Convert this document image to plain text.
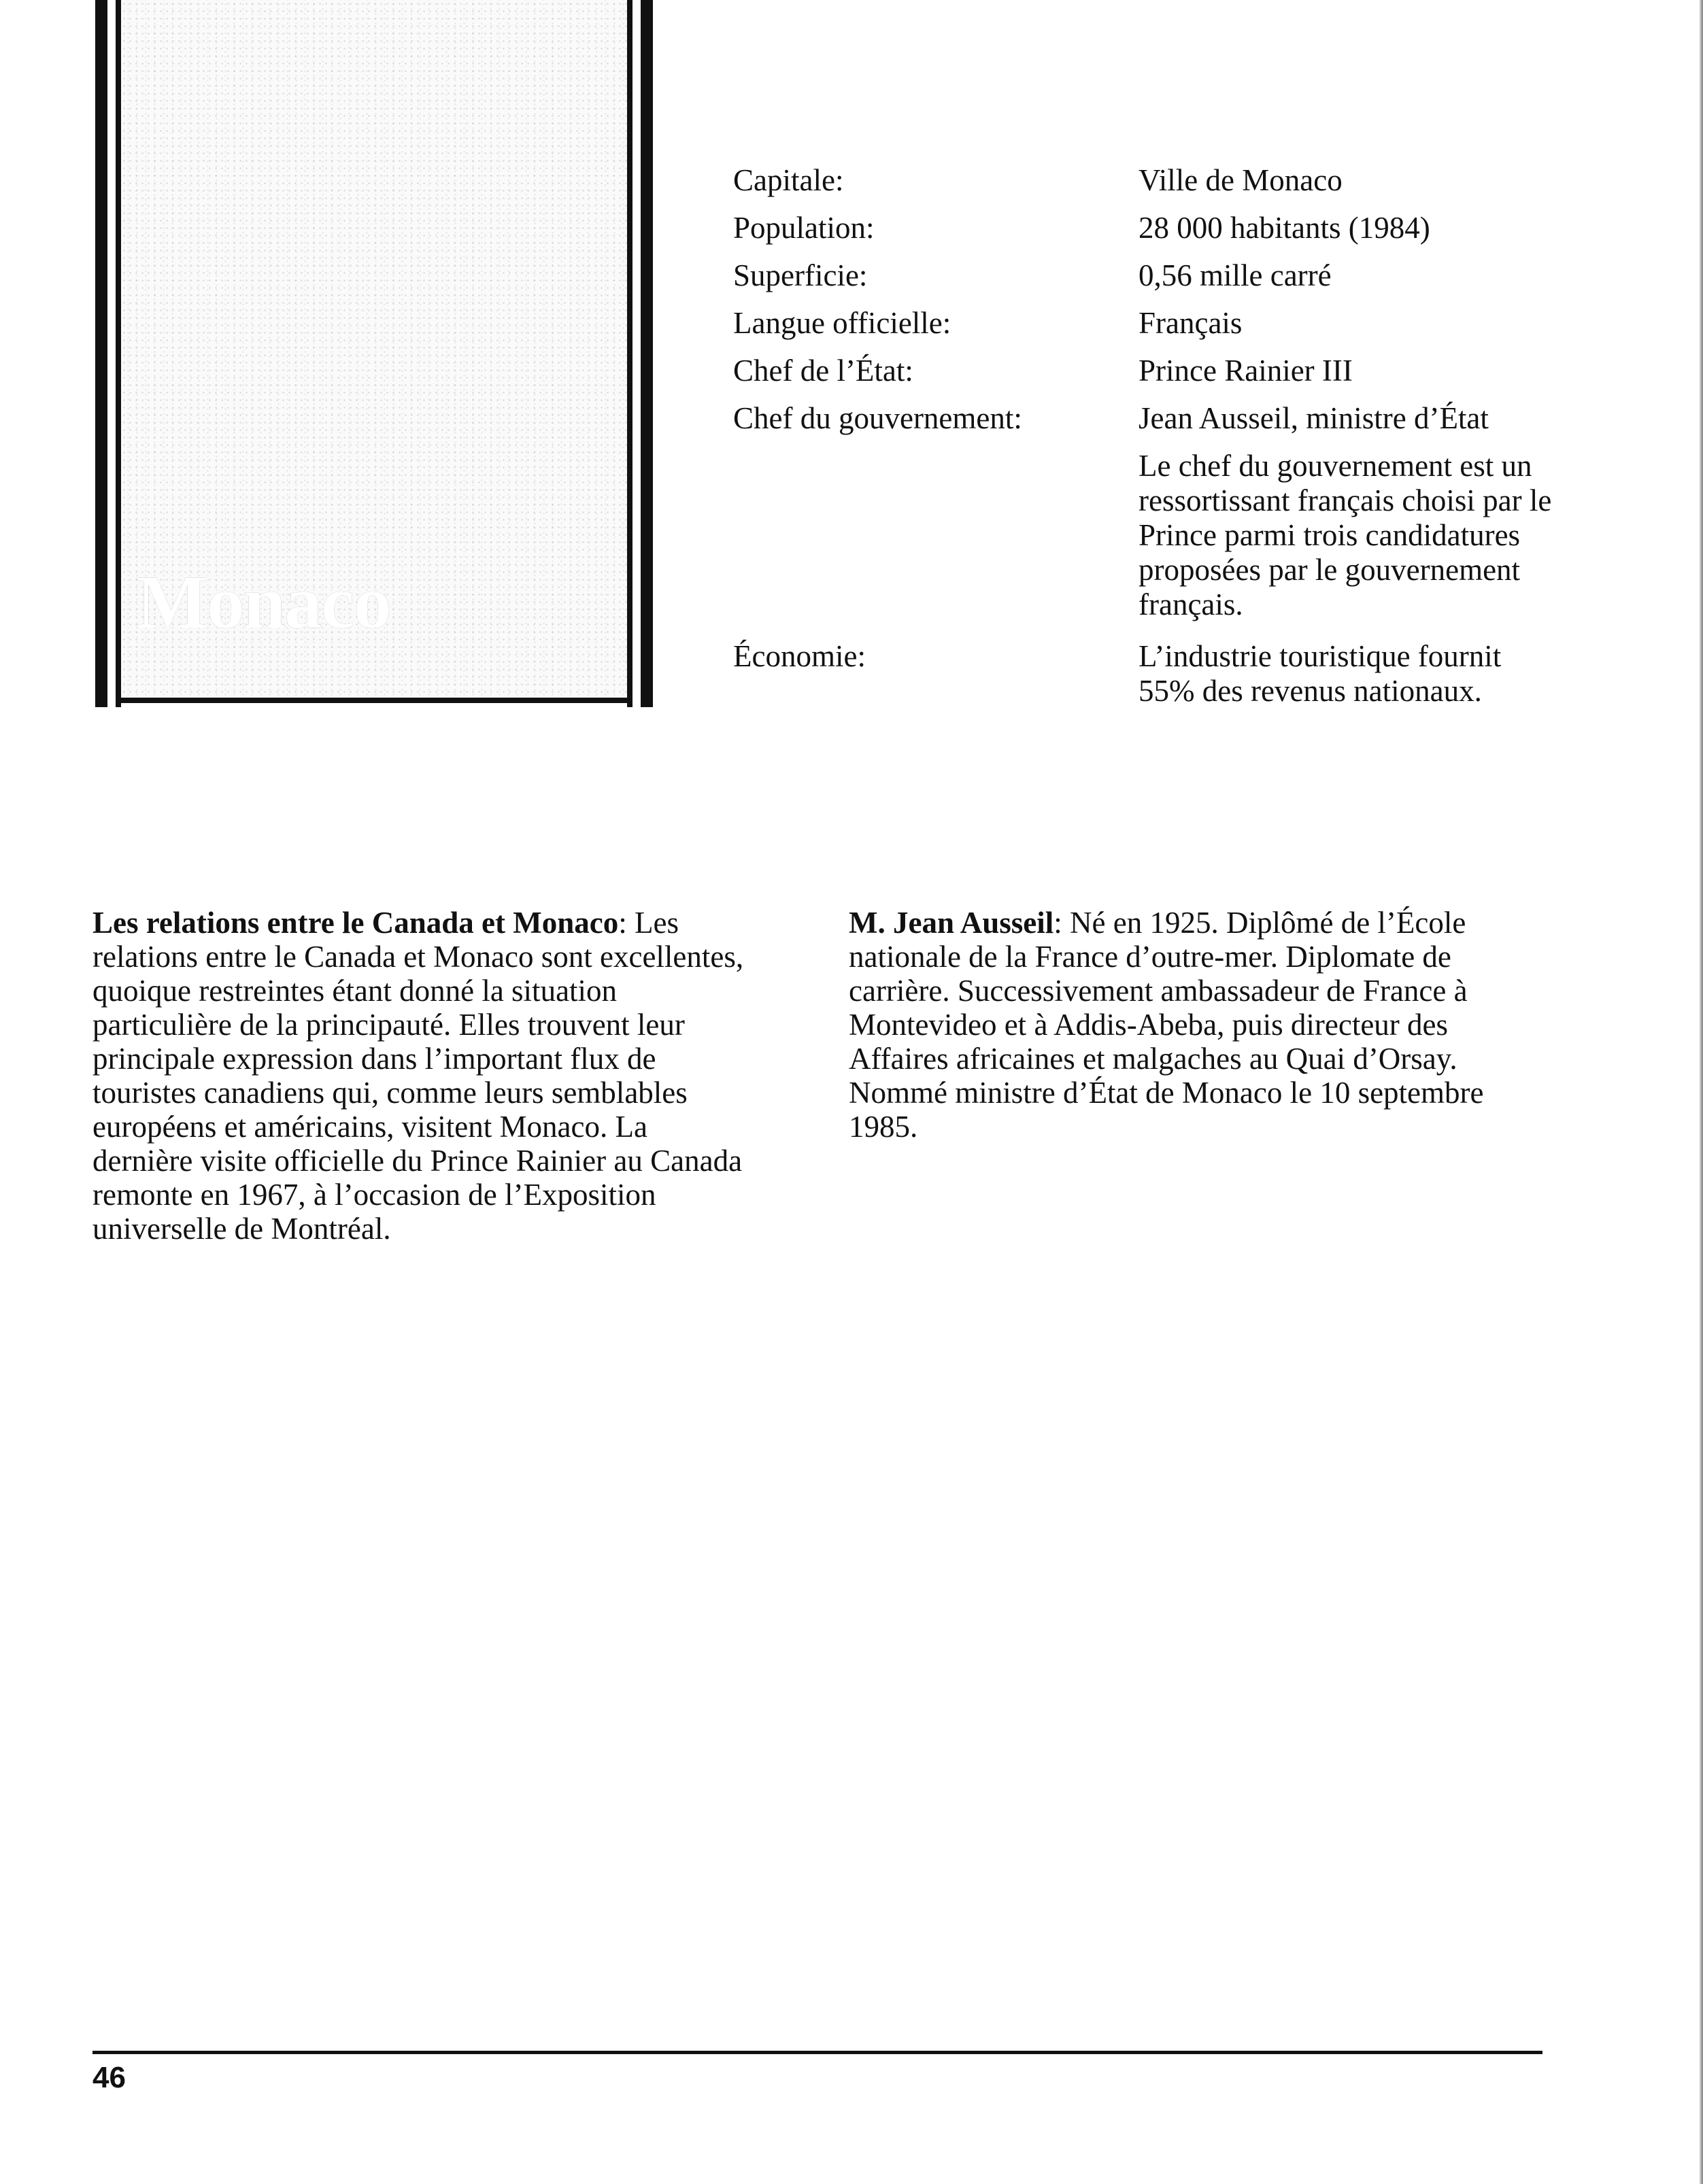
Monaco
Capitale:	Ville de Monaco
Population:	28 000 habitants (1984)
Superficie:	0,56 mille carré
Langue officielle:	Français
Chef de l’État:	Prince Rainier III
Chef du gouvernement:	Jean Ausseil, ministre d’État
Le chef du gouvernement est un ressortissant français choisi par le Prince parmi trois candidatures proposées par le gouvernement français.
Économie:	L’industrie touristique fournit 55% des revenus nationaux.

Les relations entre le Canada et Monaco: Les relations entre le Canada et Monaco sont excellentes, quoique restreintes étant donné la situation particulière de la principauté. Elles trouvent leur principale expression dans l’important flux de touristes canadiens qui, comme leurs semblables européens et américains, visitent Monaco. La dernière visite officielle du Prince Rainier au Canada remonte en 1967, à l’occasion de l’Exposition universelle de Montréal.

M. Jean Ausseil: Né en 1925. Diplômé de l’École nationale de la France d’outre-mer. Diplomate de carrière. Successivement ambassadeur de France à Montevideo et à Addis-Abeba, puis directeur des Affaires africaines et malgaches au Quai d’Orsay. Nommé ministre d’État de Monaco le 10 septembre 1985.

46
